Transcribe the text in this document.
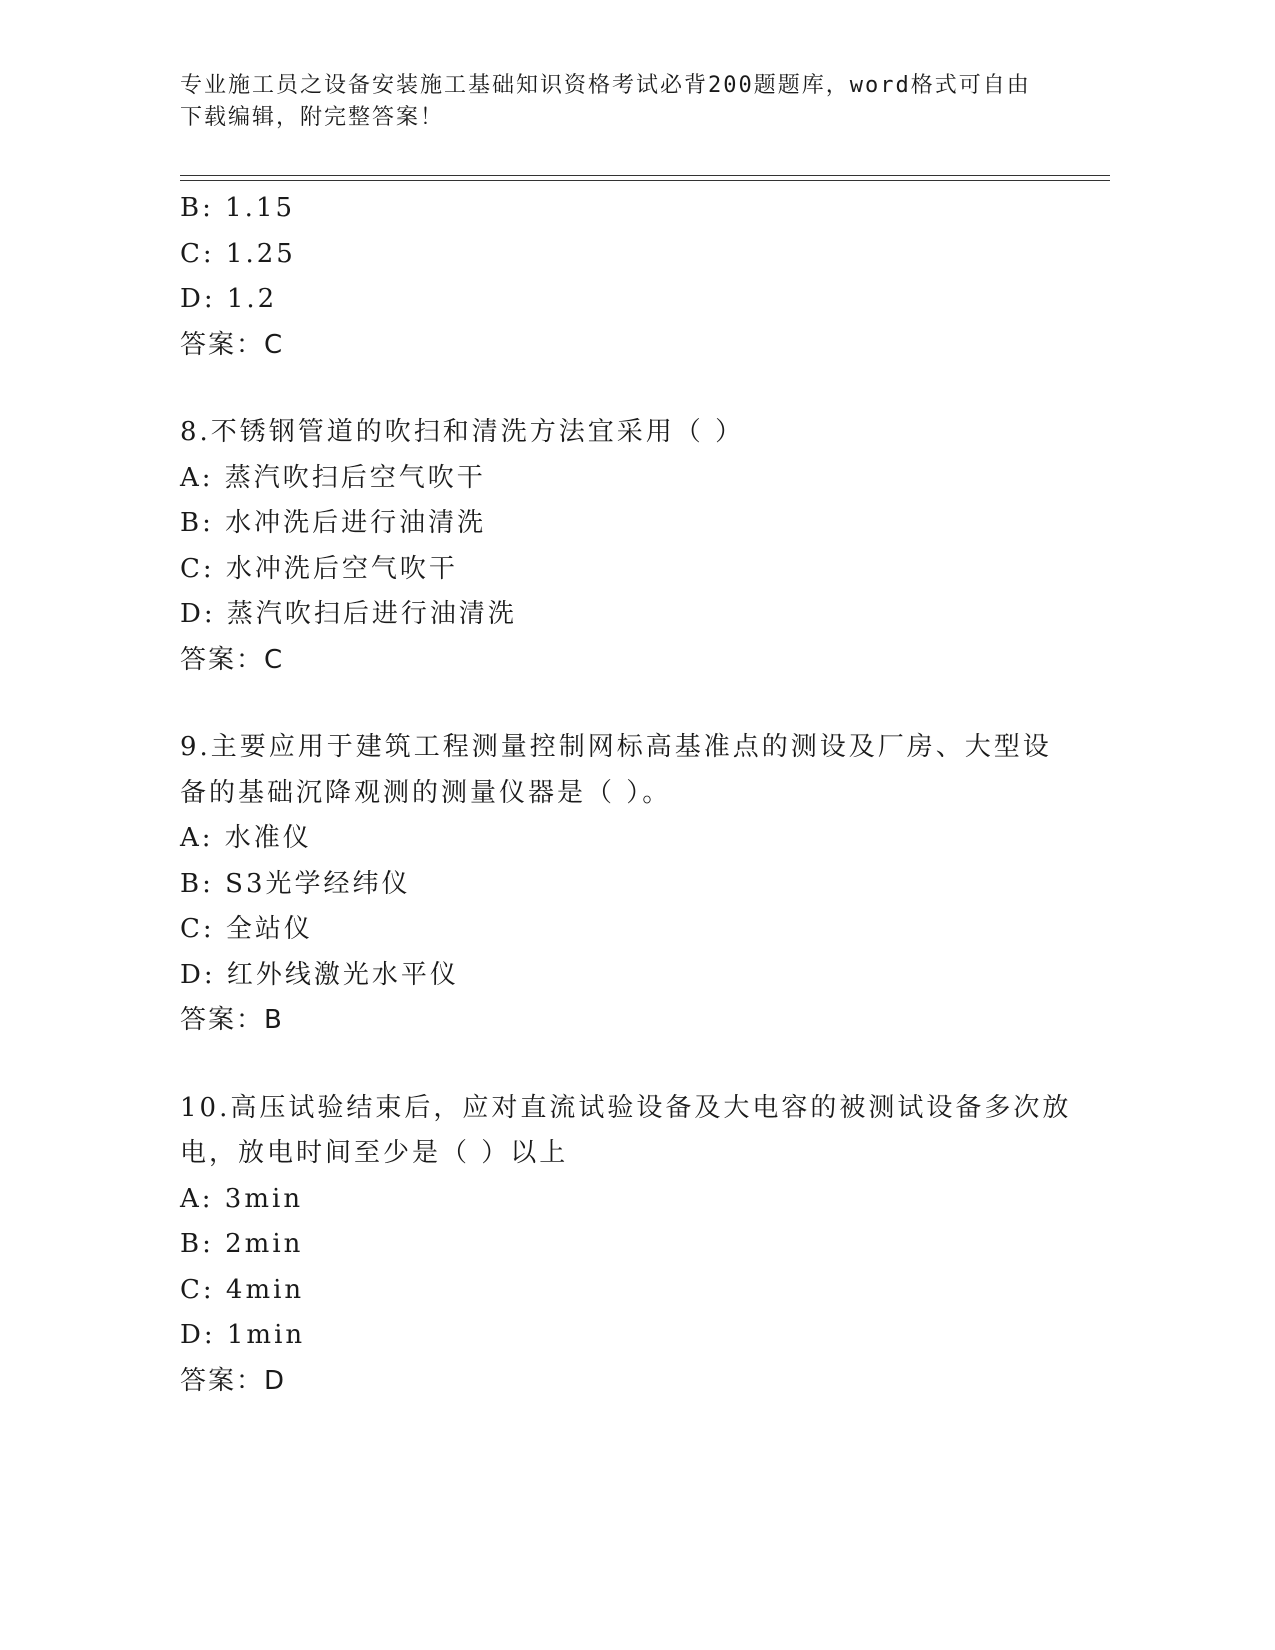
专业施工员之设备安装施工基础知识资格考试必背200题题库，word格式可自由
下载编辑，附完整答案！
B: 1.15
C: 1.25
D: 1.2
答案：C
8.不锈钢管道的吹扫和清洗方法宜采用（ ）
A: 蒸汽吹扫后空气吹干
B: 水冲洗后进行油清洗
C: 水冲洗后空气吹干
D: 蒸汽吹扫后进行油清洗
答案：C
9.主要应用于建筑工程测量控制网标高基准点的测设及厂房、大型设
备的基础沉降观测的测量仪器是（ ）。
A: 水准仪
B: S3光学经纬仪
C: 全站仪
D: 红外线激光水平仪
答案：B
10.高压试验结束后，应对直流试验设备及大电容的被测试设备多次放
电，放电时间至少是（ ）以上
A: 3min
B: 2min
C: 4min
D: 1min
答案：D
